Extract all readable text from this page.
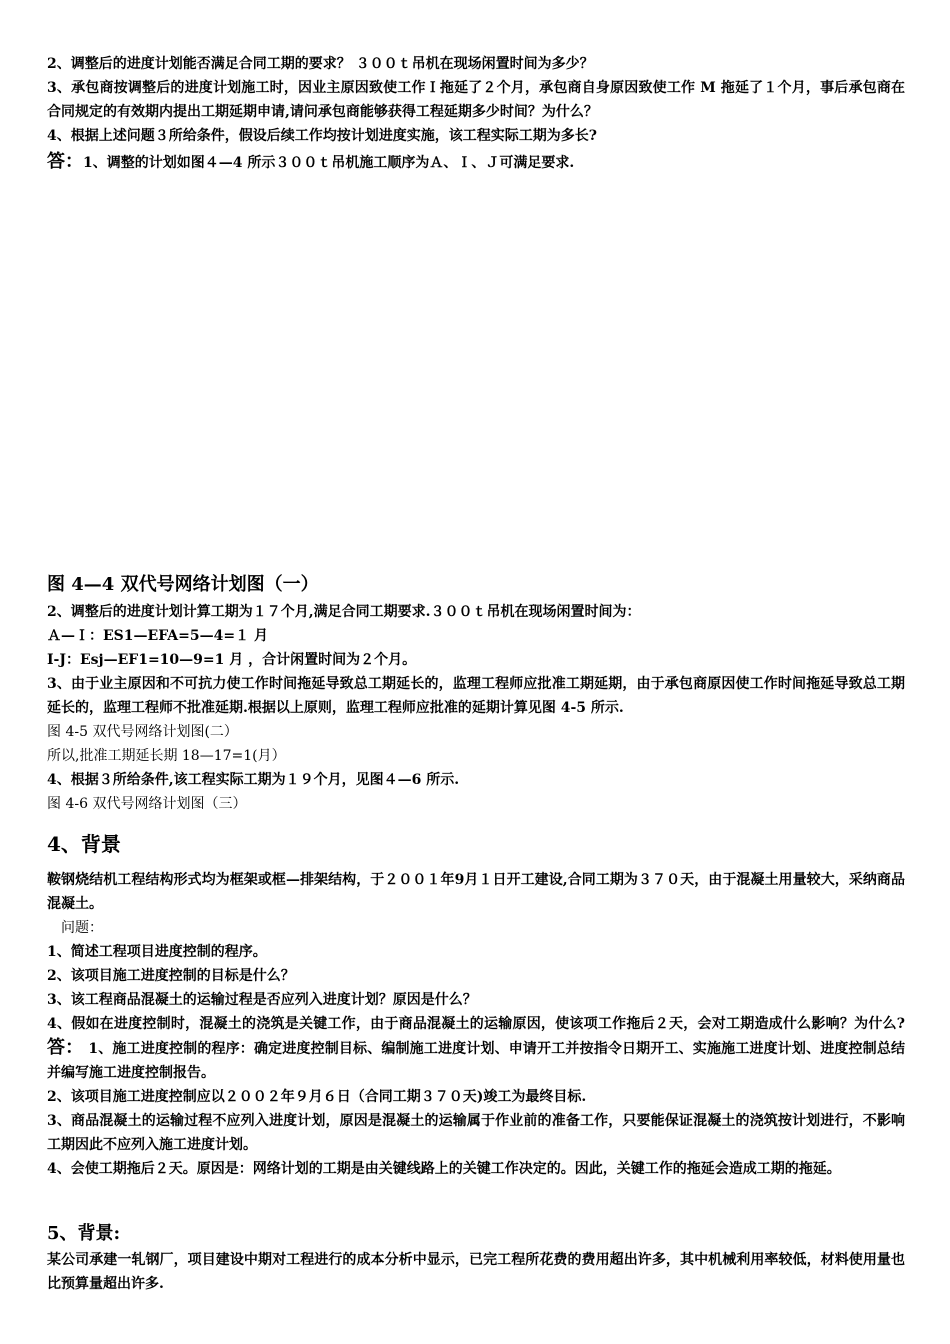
2、调整后的进度计划能否满足合同工期的要求？ ３００ｔ吊机在现场闲置时间为多少？

3、承包商按调整后的进度计划施工时，因业主原因致使工作Ｉ拖延了２个月，承包商自身原因致使工作 M 拖延了１个月，事后承包商在合同规定的有效期内提出工期延期申请,请问承包商能够获得工程延期多少时间？为什么？

4、根据上述问题３所给条件，假设后续工作均按计划进度实施，该工程实际工期为多长?

答：1、调整的计划如图４—4 所示３００ｔ吊机施工顺序为Ａ、Ｉ、Ｊ可满足要求.

图 4—4 双代号网络计划图（一）

2、调整后的进度计划计算工期为１７个月,满足合同工期要求.３００ｔ吊机在现场闲置时间为：

Ａ—Ｉ：ES1—EFA=5—4=１ 月

I-J：Esj—EF1=10—9=1 月 ，合计闲置时间为２个月。

3、由于业主原因和不可抗力使工作时间拖延导致总工期延长的，监理工程师应批准工期延期，由于承包商原因使工作时间拖延导致总工期延长的，监理工程师不批准延期.根据以上原则，监理工程师应批准的延期计算见图 4-5 所示.

图 4-5 双代号网络计划图(二）

所以,批准工期延长期 18—17=1(月）

4、根据３所给条件,该工程实际工期为１９个月，见图４—6 所示.

图 4-6 双代号网络计划图（三）

4、背景

鞍钢烧结机工程结构形式均为框架或框—排架结构，于２００１年9月１日开工建设,合同工期为３７０天，由于混凝土用量较大，采纳商品混凝土。

问题：

1、简述工程项目进度控制的程序。

2、该项目施工进度控制的目标是什么？

3、该工程商品混凝土的运输过程是否应列入进度计划？原因是什么？

4、假如在进度控制时，混凝土的浇筑是关键工作，由于商品混凝土的运输原因，使该项工作拖后２天，会对工期造成什么影响？为什么?答： 1、施工进度控制的程序：确定进度控制目标、编制施工进度计划、申请开工并按指令日期开工、实施施工进度计划、进度控制总结并编写施工进度控制报告。

2、该项目施工进度控制应以２００２年９月６日（合同工期３７０天)竣工为最终目标.

3、商品混凝土的运输过程不应列入进度计划，原因是混凝土的运输属于作业前的准备工作，只要能保证混凝土的浇筑按计划进行，不影响工期因此不应列入施工进度计划。

4、会使工期拖后２天。原因是：网络计划的工期是由关键线路上的关键工作决定的。因此，关键工作的拖延会造成工期的拖延。

5、背景:

某公司承建一轧钢厂，项目建设中期对工程进行的成本分析中显示，已完工程所花费的费用超出许多，其中机械利用率较低，材料使用量也比预算量超出许多.
